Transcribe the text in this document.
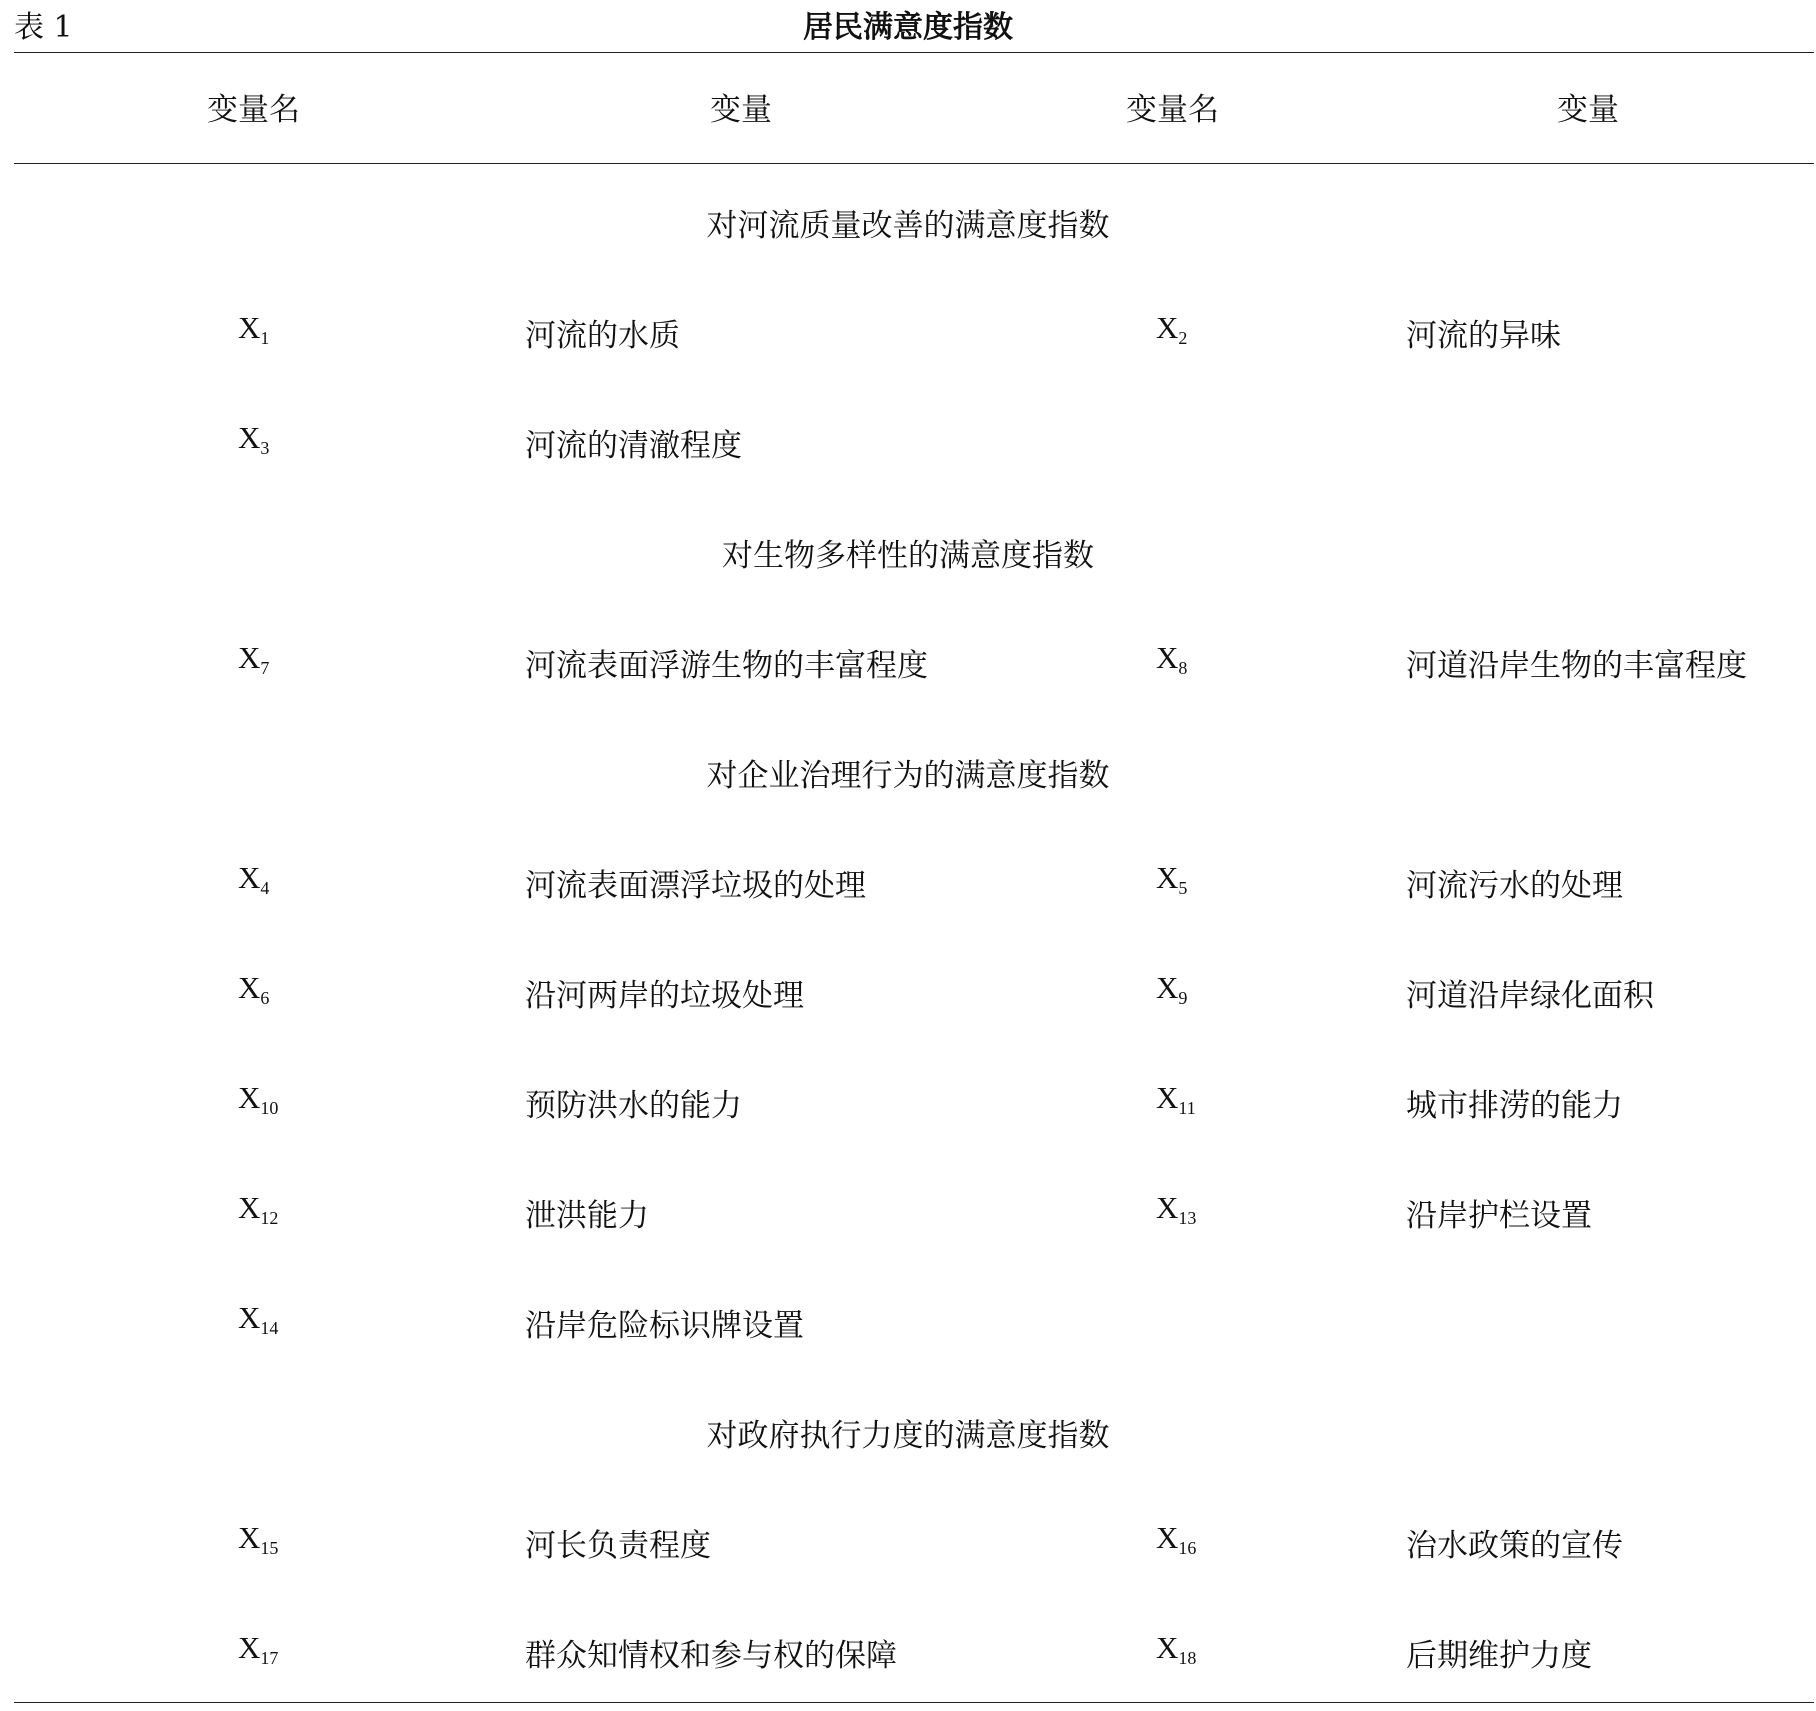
表 1	居民满意度指数
变量名	变量	变量名	变量
对河流质量改善的满意度指数
$X_1$	河流的水质	$X_2$	河流的异味
$X_3$	河流的清澈程度
对生物多样性的满意度指数
$X_7$	河流表面浮游生物的丰富程度	$X_8$	河道沿岸生物的丰富程度
对企业治理行为的满意度指数
$X_4$	河流表面漂浮垃圾的处理	$X_5$	河流污水的处理
$X_6$	沿河两岸的垃圾处理	$X_9$	河道沿岸绿化面积
$X_{10}$	预防洪水的能力	$X_{11}$	城市排涝的能力
$X_{12}$	泄洪能力	$X_{13}$	沿岸护栏设置
$X_{14}$	沿岸危险标识牌设置
对政府执行力度的满意度指数
$X_{15}$	河长负责程度	$X_{16}$	治水政策的宣传
$X_{17}$	群众知情权和参与权的保障	$X_{18}$	后期维护力度
